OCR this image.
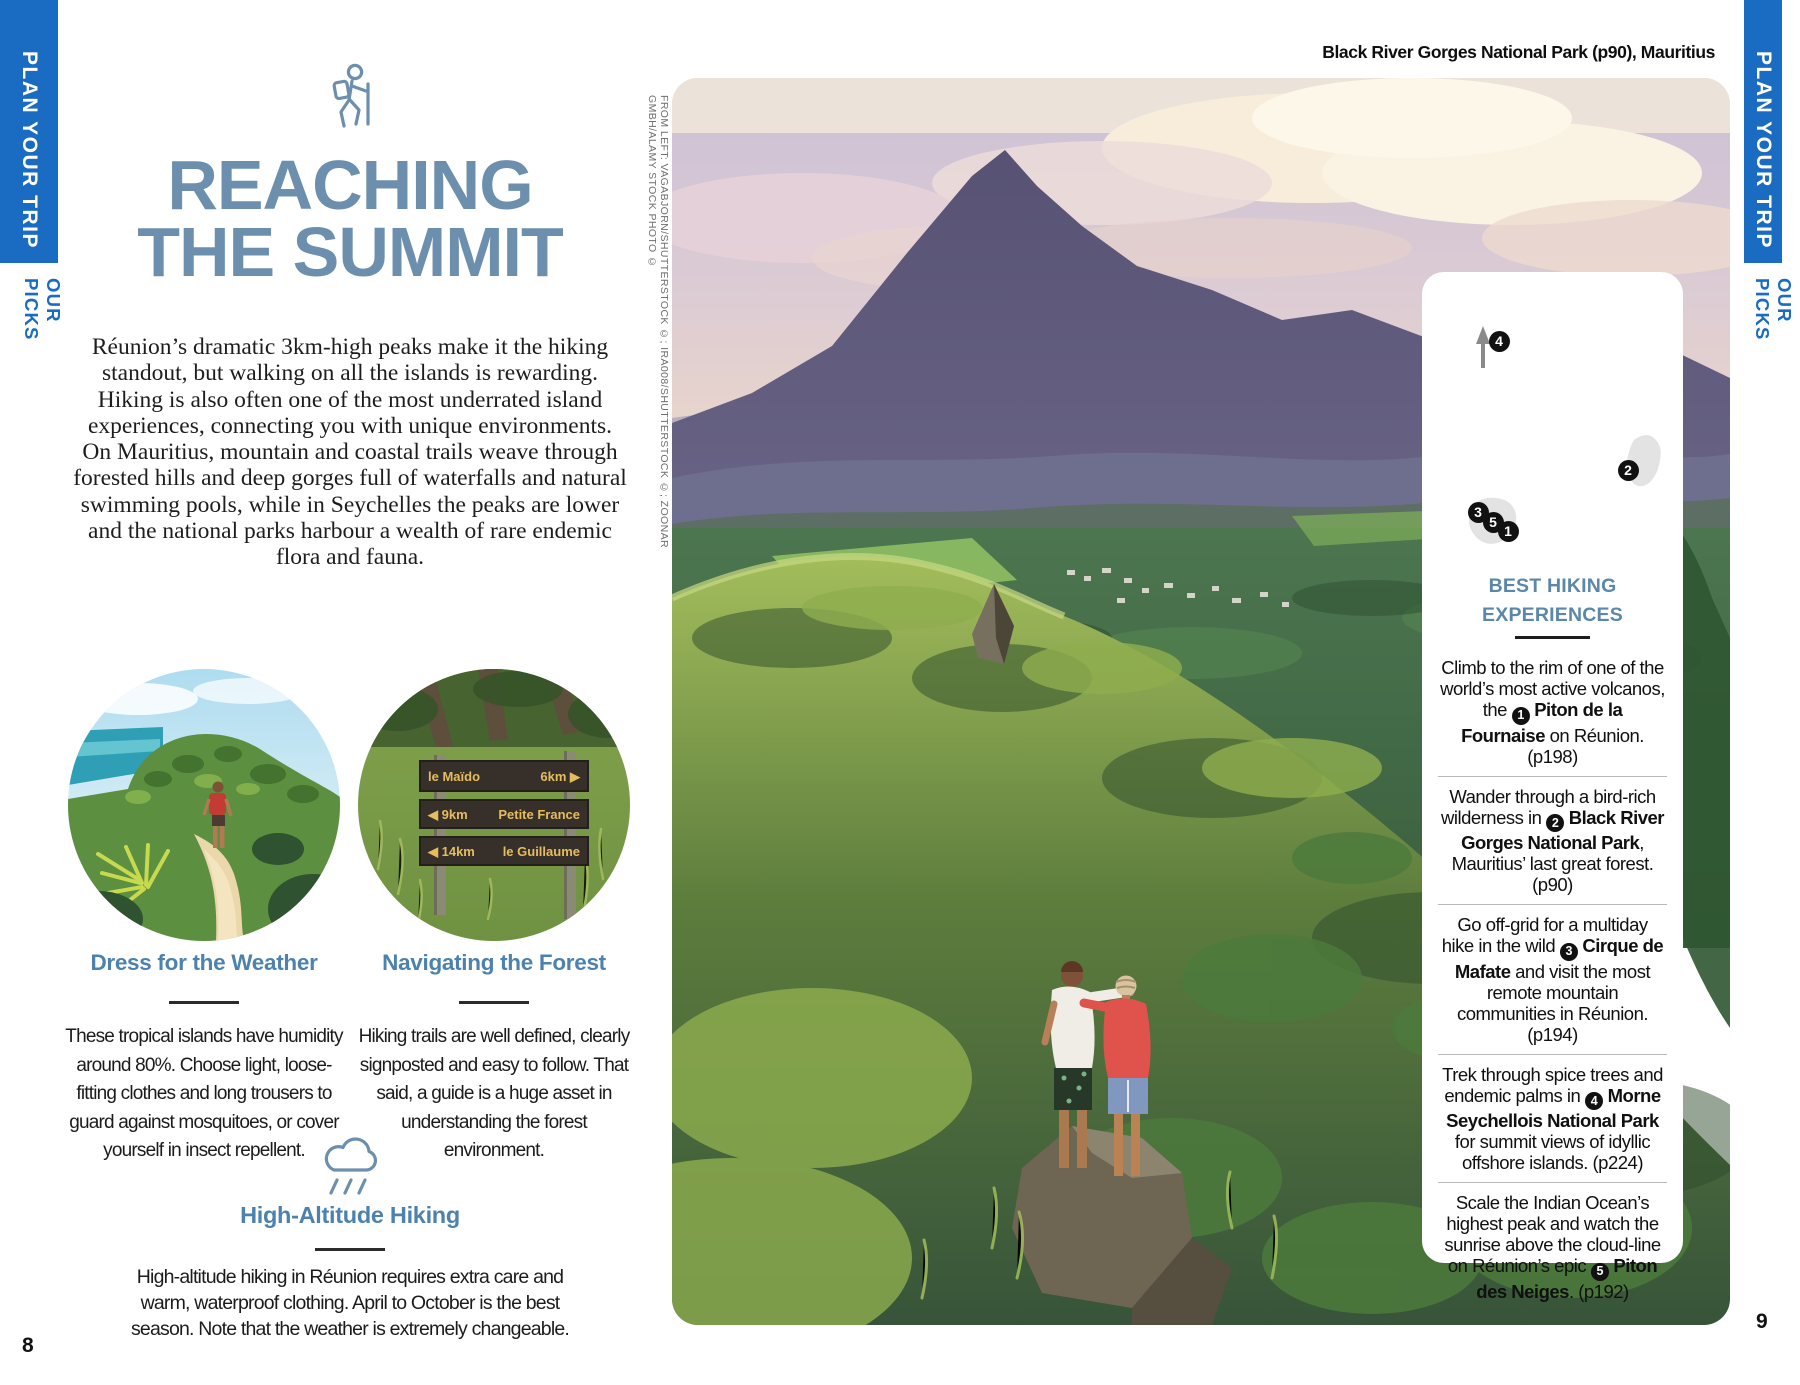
PLAN YOUR TRIP
OUR PICKS
PLAN YOUR TRIP
OUR PICKS
REACHING
THE SUMMIT
Réunion’s dramatic 3km-high peaks make it the hiking standout, but walking on all the islands is rewarding. Hiking is also often one of the most underrated island experiences, connecting you with unique environments. On Mauritius, mountain and coastal trails weave through forested hills and deep gorges full of waterfalls and natural swimming pools, while in Seychelles the peaks are lower and the national parks harbour a wealth of rare endemic flora and fauna.
le Maïdo	6km ▶
◀ 9km Petite France
◀ 14km le Guillaume
Dress for the Weather
These tropical islands have humidity around 80%. Choose light, loose-fitting clothes and long trousers to guard against mosquitoes, or cover yourself in insect repellent.
Navigating the Forest
Hiking trails are well defined, clearly signposted and easy to follow. That said, a guide is a huge asset in understanding the forest environment.
High-Altitude Hiking
High-altitude hiking in Réunion requires extra care and warm, waterproof clothing. April to October is the best season. Note that the weather is extremely changeable.
8
Black River Gorges National Park (p90), Mauritius
FROM LEFT: VAGABJORN/SHUTTERSTOCK ©; IRA008/SHUTTERSTOCK ©; ZOONAR GMBH/ALAMY STOCK PHOTO ©
4
2
3
5
1
BEST HIKING
EXPERIENCES
Climb to the rim of one of the world’s most active volcanos, the 1 Piton de la Fournaise on Réunion. (p198)
Wander through a bird-rich wilderness in 2 Black River Gorges National Park, Mauritius’ last great forest. (p90)
Go off-grid for a multiday hike in the wild 3 Cirque de Mafate and visit the most remote mountain communities in Réunion. (p194)
Trek through spice trees and endemic palms in 4 Morne Seychellois National Park for summit views of idyllic offshore islands. (p224)
Scale the Indian Ocean’s highest peak and watch the sunrise above the cloud-line on Réunion’s epic 5 Piton des Neiges. (p192)
9
